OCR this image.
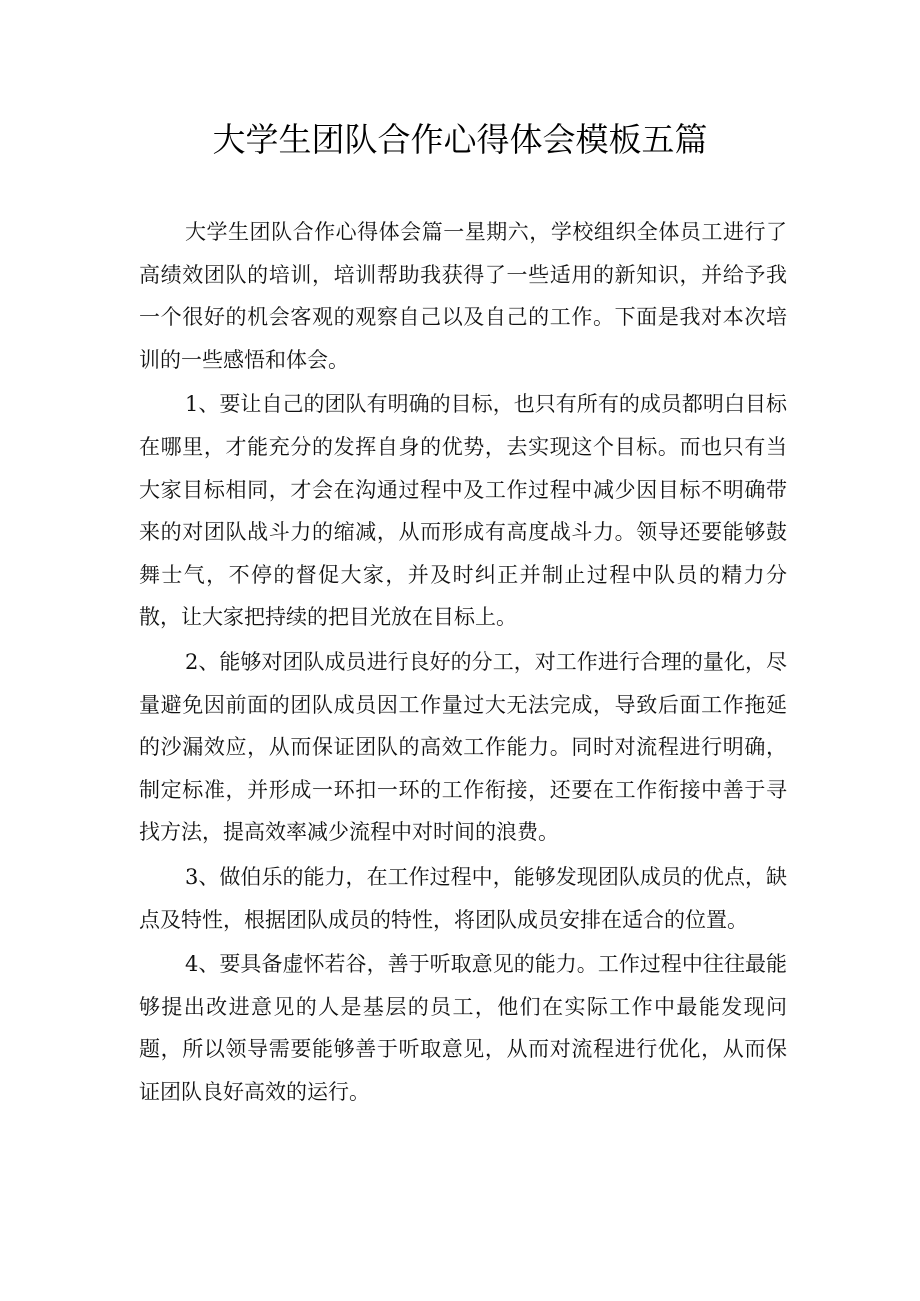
大学生团队合作心得体会模板五篇

大学生团队合作心得体会篇一星期六，学校组织全体员工进行了高绩效团队的培训，培训帮助我获得了一些适用的新知识，并给予我一个很好的机会客观的观察自己以及自己的工作。下面是我对本次培训的一些感悟和体会。

1、要让自己的团队有明确的目标，也只有所有的成员都明白目标在哪里，才能充分的发挥自身的优势，去实现这个目标。而也只有当大家目标相同，才会在沟通过程中及工作过程中减少因目标不明确带来的对团队战斗力的缩减，从而形成有高度战斗力。领导还要能够鼓舞士气，不停的督促大家，并及时纠正并制止过程中队员的精力分散，让大家把持续的把目光放在目标上。

2、能够对团队成员进行良好的分工，对工作进行合理的量化，尽量避免因前面的团队成员因工作量过大无法完成，导致后面工作拖延的沙漏效应，从而保证团队的高效工作能力。同时对流程进行明确，制定标准，并形成一环扣一环的工作衔接，还要在工作衔接中善于寻找方法，提高效率减少流程中对时间的浪费。

3、做伯乐的能力，在工作过程中，能够发现团队成员的优点，缺点及特性，根据团队成员的特性，将团队成员安排在适合的位置。

4、要具备虚怀若谷，善于听取意见的能力。工作过程中往往最能够提出改进意见的人是基层的员工，他们在实际工作中最能发现问题，所以领导需要能够善于听取意见，从而对流程进行优化，从而保证团队良好高效的运行。
